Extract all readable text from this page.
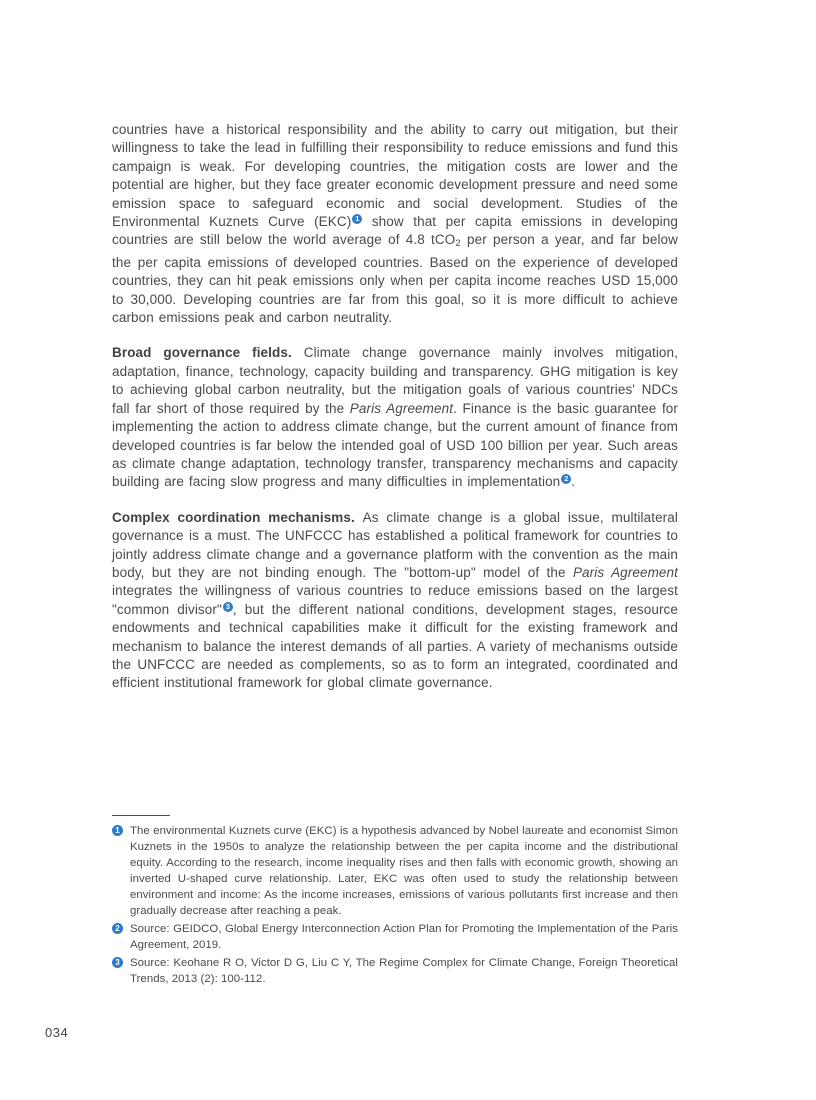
countries have a historical responsibility and the ability to carry out mitigation, but their willingness to take the lead in fulfilling their responsibility to reduce emissions and fund this campaign is weak. For developing countries, the mitigation costs are lower and the potential are higher, but they face greater economic development pressure and need some emission space to safeguard economic and social development. Studies of the Environmental Kuznets Curve (EKC) 1 show that per capita emissions in developing countries are still below the world average of 4.8 tCO2 per person a year, and far below the per capita emissions of developed countries. Based on the experience of developed countries, they can hit peak emissions only when per capita income reaches USD 15,000 to 30,000. Developing countries are far from this goal, so it is more difficult to achieve carbon emissions peak and carbon neutrality.

Broad governance fields. Climate change governance mainly involves mitigation, adaptation, finance, technology, capacity building and transparency. GHG mitigation is key to achieving global carbon neutrality, but the mitigation goals of various countries' NDCs fall far short of those required by the Paris Agreement. Finance is the basic guarantee for implementing the action to address climate change, but the current amount of finance from developed countries is far below the intended goal of USD 100 billion per year. Such areas as climate change adaptation, technology transfer, transparency mechanisms and capacity building are facing slow progress and many difficulties in implementation 2 .

Complex coordination mechanisms. As climate change is a global issue, multilateral governance is a must. The UNFCCC has established a political framework for countries to jointly address climate change and a governance platform with the convention as the main body, but they are not binding enough. The "bottom-up" model of the Paris Agreement integrates the willingness of various countries to reduce emissions based on the largest "common divisor" 3 , but the different national conditions, development stages, resource endowments and technical capabilities make it difficult for the existing framework and mechanism to balance the interest demands of all parties. A variety of mechanisms outside the UNFCCC are needed as complements, so as to form an integrated, coordinated and efficient institutional framework for global climate governance.

1 The environmental Kuznets curve (EKC) is a hypothesis advanced by Nobel laureate and economist Simon Kuznets in the 1950s to analyze the relationship between the per capita income and the distributional equity. According to the research, income inequality rises and then falls with economic growth, showing an inverted U-shaped curve relationship. Later, EKC was often used to study the relationship between environment and income: As the income increases, emissions of various pollutants first increase and then gradually decrease after reaching a peak.
2 Source: GEIDCO, Global Energy Interconnection Action Plan for Promoting the Implementation of the Paris Agreement, 2019.
3 Source: Keohane R O, Victor D G, Liu C Y, The Regime Complex for Climate Change, Foreign Theoretical Trends, 2013 (2): 100-112.
034
